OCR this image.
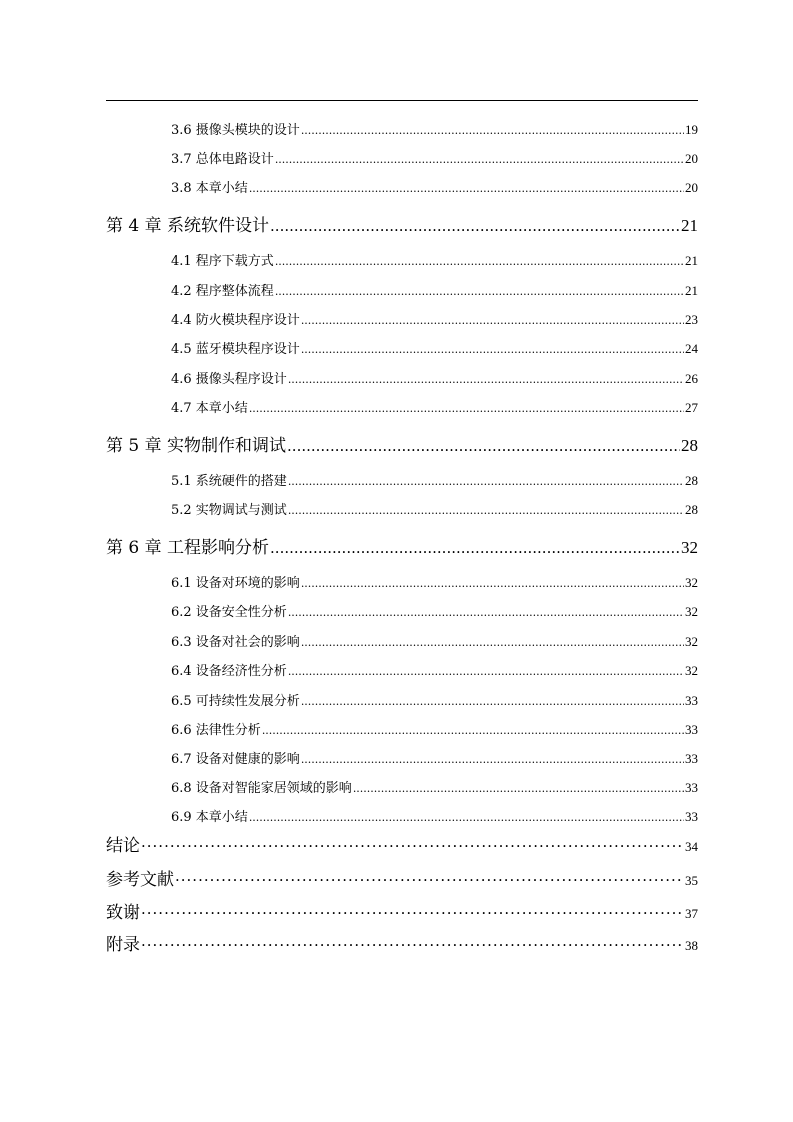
3.6 摄像头模块的设计 .....	19
3.7 总体电路设计 .....	20
3.8 本章小结 .....	20
第 4 章 系统软件设计 .....	21
4.1 程序下载方式 .....	21
4.2 程序整体流程 .....	21
4.4 防火模块程序设计 .....	23
4.5 蓝牙模块程序设计 .....	24
4.6 摄像头程序设计 .....	26
4.7 本章小结 .....	27
第 5 章 实物制作和调试 .....	28
5.1 系统硬件的搭建 .....	28
5.2 实物调试与测试 .....	28
第 6 章 工程影响分析 .....	32
6.1 设备对环境的影响 .....	32
6.2 设备安全性分析 .....	32
6.3 设备对社会的影响 .....	32
6.4 设备经济性分析 .....	32
6.5 可持续性发展分析 .....	33
6.6 法律性分析 .....	33
6.7 设备对健康的影响 .....	33
6.8 设备对智能家居领域的影响 .....	33
6.9 本章小结 .....	33
结论 ·····	34
参考文献 ·····	35
致谢 ·····	37
附录 ·····	38
